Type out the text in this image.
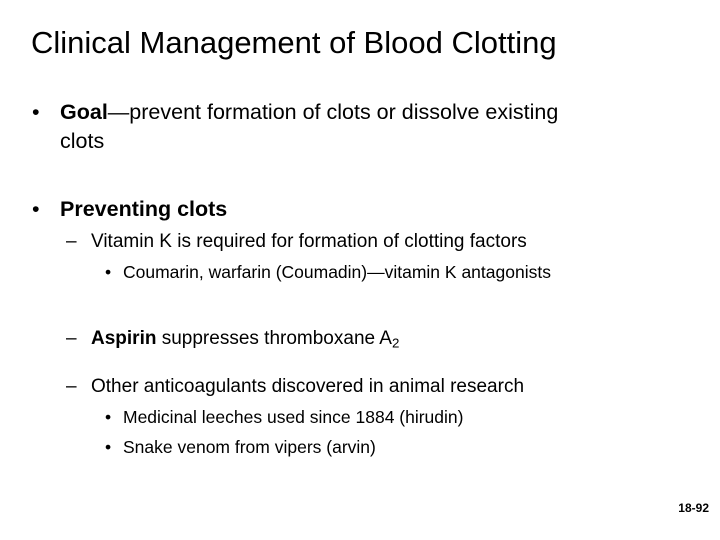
Clinical Management of Blood Clotting
• Goal—prevent formation of clots or dissolve existing
clots
• Preventing clots
– Vitamin K is required for formation of clotting factors
• Coumarin, warfarin (Coumadin)—vitamin K antagonists
– Aspirin suppresses thromboxane $A_2$
– Other anticoagulants discovered in animal research
• Medicinal leeches used since 1884 (hirudin)
• Snake venom from vipers (arvin)
18-92
